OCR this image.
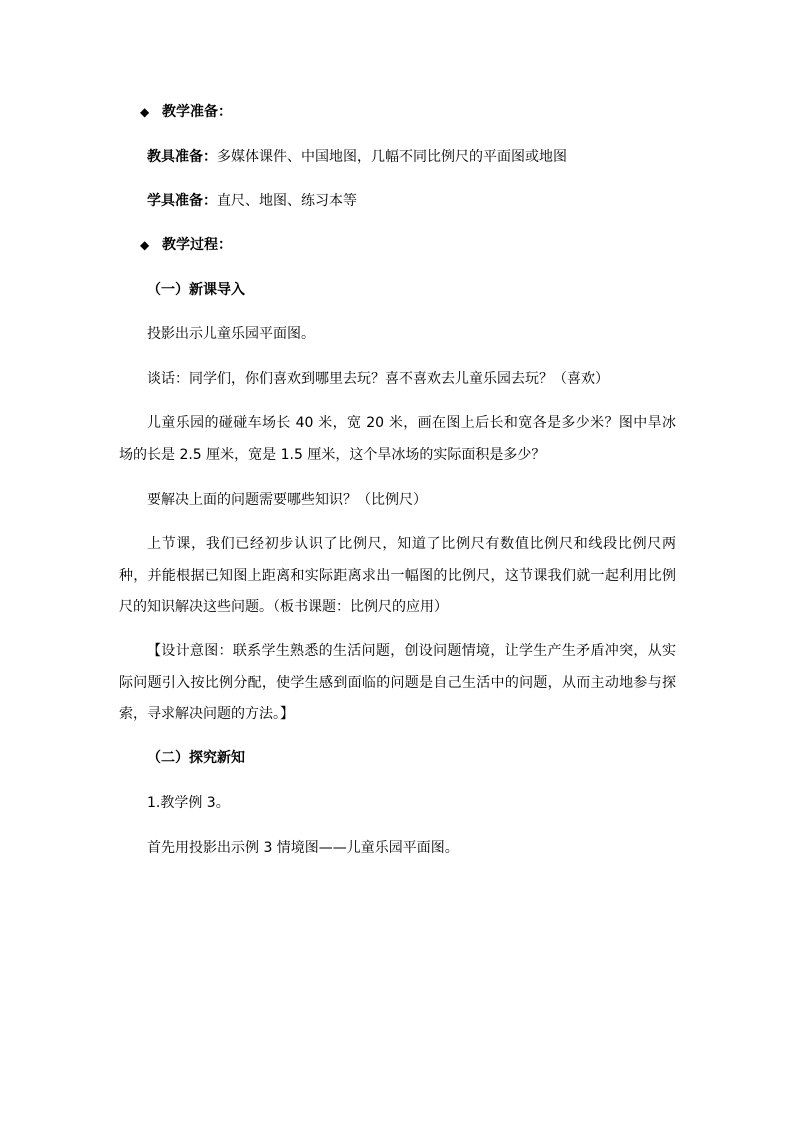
◆ 教学准备：
教具准备：多媒体课件、中国地图，几幅不同比例尺的平面图或地图
学具准备：直尺、地图、练习本等
◆ 教学过程：
（一）新课导入
投影出示儿童乐园平面图。
谈话：同学们，你们喜欢到哪里去玩？喜不喜欢去儿童乐园去玩？（喜欢）
儿童乐园的碰碰车场长 40 米，宽 20 米，画在图上后长和宽各是多少米？图中旱冰场的长是 2.5 厘米，宽是 1.5 厘米，这个旱冰场的实际面积是多少？
要解决上面的问题需要哪些知识？（比例尺）
上节课，我们已经初步认识了比例尺，知道了比例尺有数值比例尺和线段比例尺两种，并能根据已知图上距离和实际距离求出一幅图的比例尺，这节课我们就一起利用比例尺的知识解决这些问题。（板书课题：比例尺的应用）
【设计意图：联系学生熟悉的生活问题，创设问题情境，让学生产生矛盾冲突，从实际问题引入按比例分配，使学生感到面临的问题是自己生活中的问题，从而主动地参与探索，寻求解决问题的方法。】
（二）探究新知
1.教学例 3。
首先用投影出示例 3 情境图——儿童乐园平面图。
